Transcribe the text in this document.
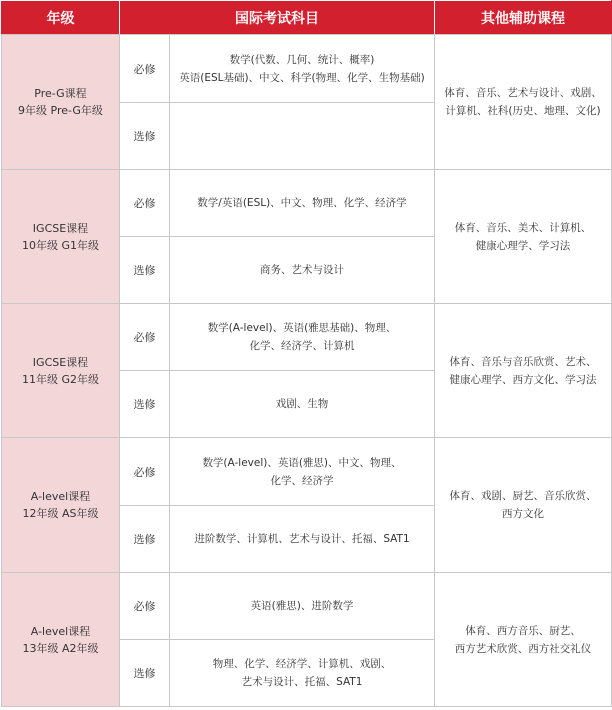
年级	国际考试科目		其他辅助课程

Pre-G课程
9年级 Pre-G年级	必修	数学(代数、几何、统计、概率)
英语(ESL基础)、中文、科学(物理、化学、生物基础)	体育、音乐、艺术与设计、戏剧、
计算机、社科(历史、地理、文化)

	选修		

IGCSE课程
10年级 G1年级	必修	数学/英语(ESL)、中文、物理、化学、经济学	体育、音乐、美术、计算机、
健康心理学、学习法

	选修	商务、艺术与设计	

IGCSE课程
11年级 G2年级	必修	数学(A-level)、英语(雅思基础)、物理、
化学、经济学、计算机	体育、音乐与音乐欣赏、艺术、
健康心理学、西方文化、学习法

	选修	戏剧、生物	

A-level课程
12年级 AS年级	必修	数学(A-level)、英语(雅思)、中文、物理、
化学、经济学	体育、戏剧、厨艺、音乐欣赏、
西方文化

	选修	进阶数学、计算机、艺术与设计、托福、SAT1	

A-level课程
13年级 A2年级	必修	英语(雅思)、进阶数学	体育、西方音乐、厨艺、
西方艺术欣赏、西方社交礼仪

	选修	物理、化学、经济学、计算机、戏剧、
艺术与设计、托福、SAT1	
